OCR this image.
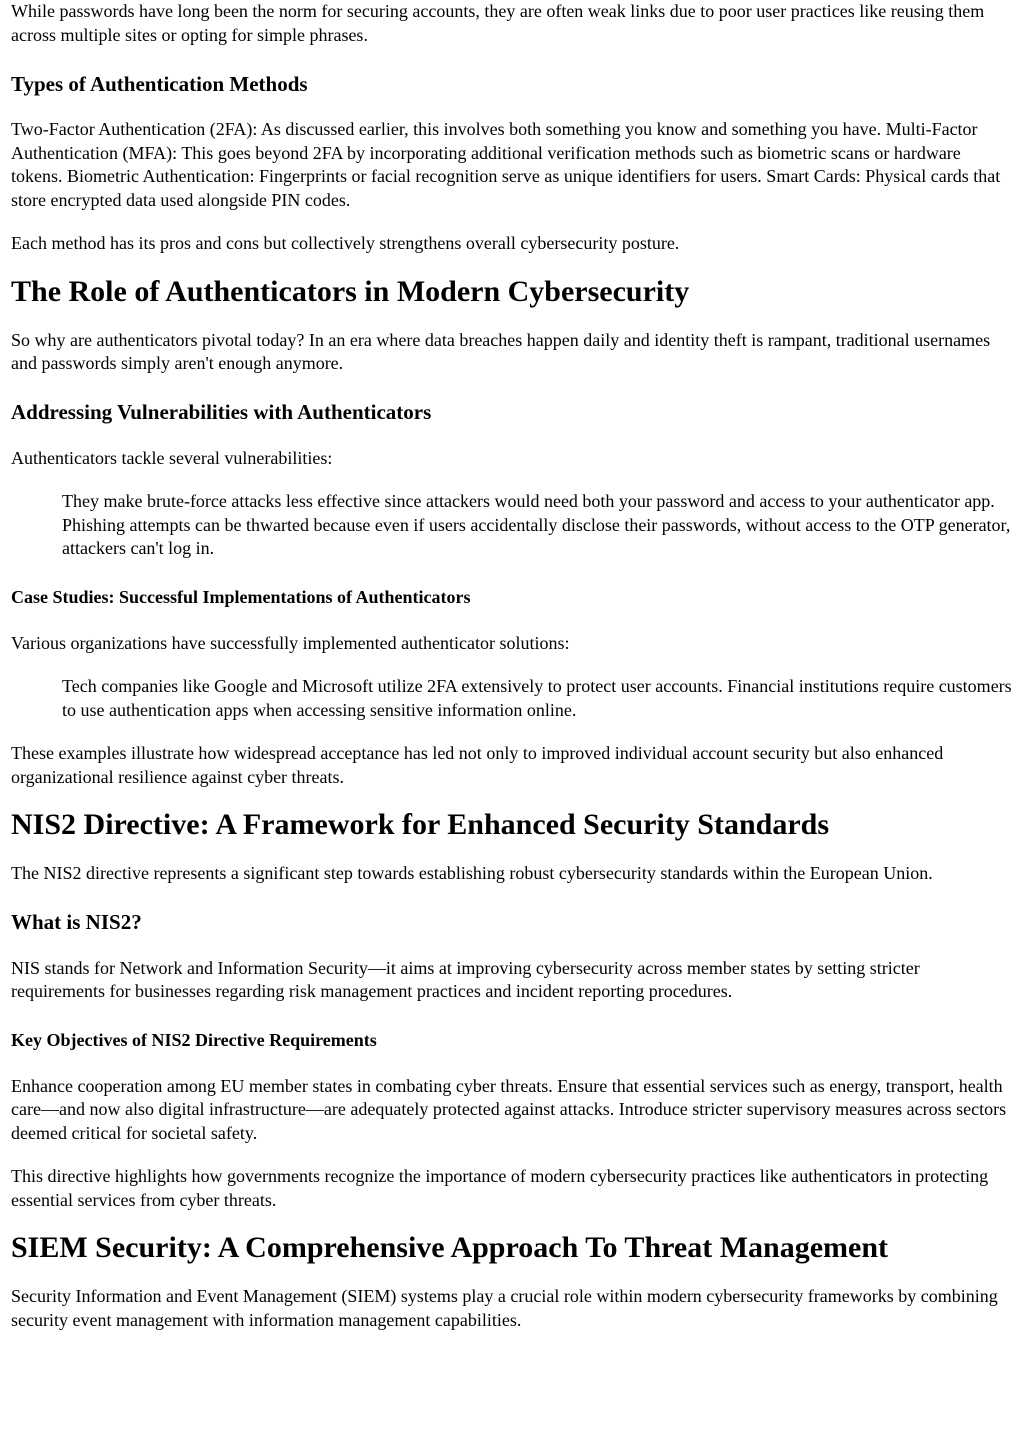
While passwords have long been the norm for securing accounts, they are often weak links due to poor user practices like reusing them across multiple sites or opting for simple phrases.

Types of Authentication Methods

Two-Factor Authentication (2FA): As discussed earlier, this involves both something you know and something you have. Multi-Factor Authentication (MFA): This goes beyond 2FA by incorporating additional verification methods such as biometric scans or hardware tokens. Biometric Authentication: Fingerprints or facial recognition serve as unique identifiers for users. Smart Cards: Physical cards that store encrypted data used alongside PIN codes.

Each method has its pros and cons but collectively strengthens overall cybersecurity posture.

The Role of Authenticators in Modern Cybersecurity

So why are authenticators pivotal today? In an era where data breaches happen daily and identity theft is rampant, traditional usernames and passwords simply aren't enough anymore.

Addressing Vulnerabilities with Authenticators

Authenticators tackle several vulnerabilities:

They make brute-force attacks less effective since attackers would need both your password and access to your authenticator app. Phishing attempts can be thwarted because even if users accidentally disclose their passwords, without access to the OTP generator, attackers can't log in.
Case Studies: Successful Implementations of Authenticators

Various organizations have successfully implemented authenticator solutions:

Tech companies like Google and Microsoft utilize 2FA extensively to protect user accounts. Financial institutions require customers to use authentication apps when accessing sensitive information online.

These examples illustrate how widespread acceptance has led not only to improved individual account security but also enhanced organizational resilience against cyber threats.

NIS2 Directive: A Framework for Enhanced Security Standards

The NIS2 directive represents a significant step towards establishing robust cybersecurity standards within the European Union.

What is NIS2?

NIS stands for Network and Information Security—it aims at improving cybersecurity across member states by setting stricter requirements for businesses regarding risk management practices and incident reporting procedures.

Key Objectives of NIS2 Directive Requirements

Enhance cooperation among EU member states in combating cyber threats. Ensure that essential services such as energy, transport, health care—and now also digital infrastructure—are adequately protected against attacks. Introduce stricter supervisory measures across sectors deemed critical for societal safety.

This directive highlights how governments recognize the importance of modern cybersecurity practices like authenticators in protecting essential services from cyber threats.

SIEM Security: A Comprehensive Approach To Threat Management

Security Information and Event Management (SIEM) systems play a crucial role within modern cybersecurity frameworks by combining security event management with information management capabilities.
